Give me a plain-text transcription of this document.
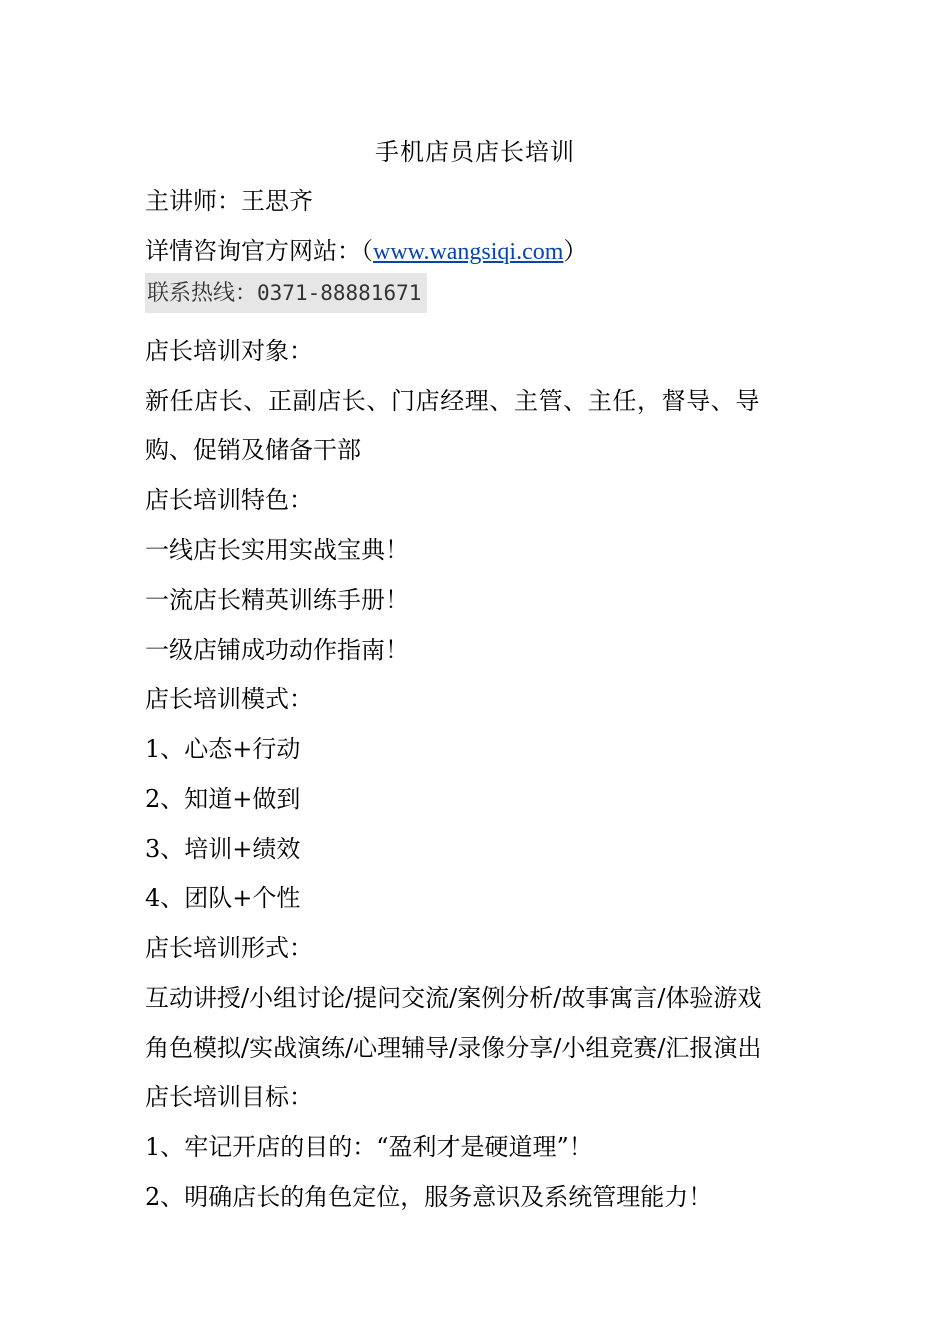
手机店员店长培训
主讲师：王思齐
详情咨询官方网站：（www.wangsiqi.com）
联系热线：0371-88881671
店长培训对象：
新任店长、正副店长、门店经理、主管、主任，督导、导
购、促销及储备干部
店长培训特色：
一线店长实用实战宝典！
一流店长精英训练手册！
一级店铺成功动作指南！
店长培训模式：
1、心态+行动
2、知道+做到
3、培训+绩效
4、团队+个性
店长培训形式：
互动讲授/小组讨论/提问交流/案例分析/故事寓言/体验游戏
角色模拟/实战演练/心理辅导/录像分享/小组竞赛/汇报演出
店长培训目标：
1、牢记开店的目的：“盈利才是硬道理”！
2、明确店长的角色定位，服务意识及系统管理能力！
